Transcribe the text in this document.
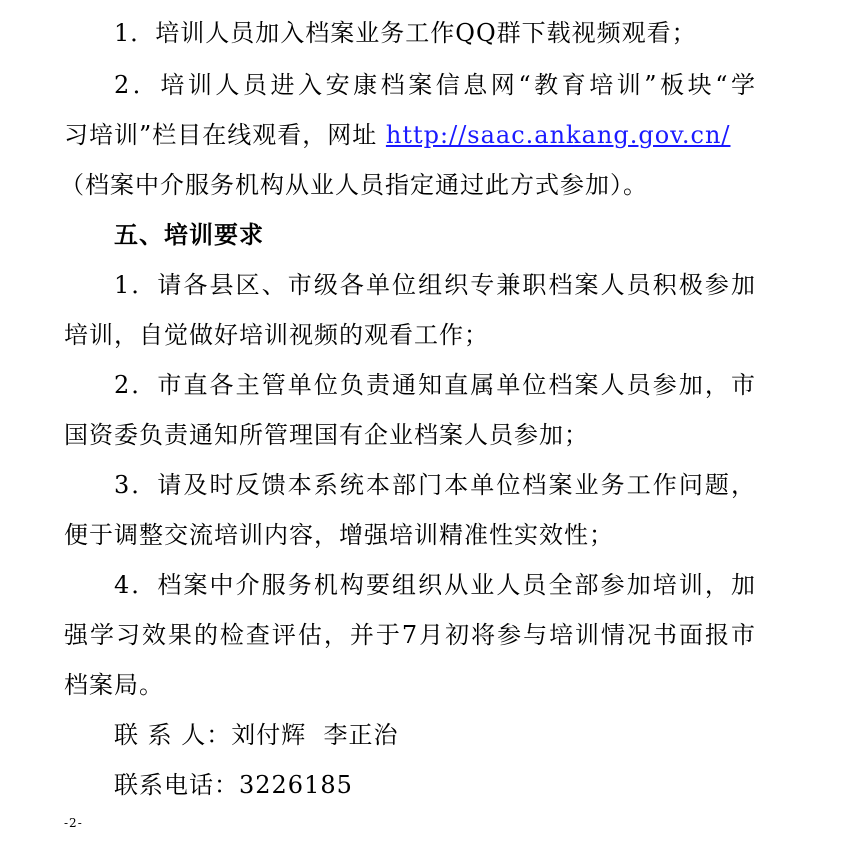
1．培训人员加入档案业务工作QQ群下载视频观看；
2．培训人员进入安康档案信息网“教育培训”板块“学
习培训”栏目在线观看，网址 http://saac.ankang.gov.cn/
（档案中介服务机构从业人员指定通过此方式参加）。
五、培训要求
1．请各县区、市级各单位组织专兼职档案人员积极参加
培训，自觉做好培训视频的观看工作；
2．市直各主管单位负责通知直属单位档案人员参加，市
国资委负责通知所管理国有企业档案人员参加；
3．请及时反馈本系统本部门本单位档案业务工作问题，
便于调整交流培训内容，增强培训精准性实效性；
4．档案中介服务机构要组织从业人员全部参加培训，加
强学习效果的检查评估，并于7月初将参与培训情况书面报市
档案局。
联 系 人：刘付辉  李正治
联系电话：3226185
-2-
